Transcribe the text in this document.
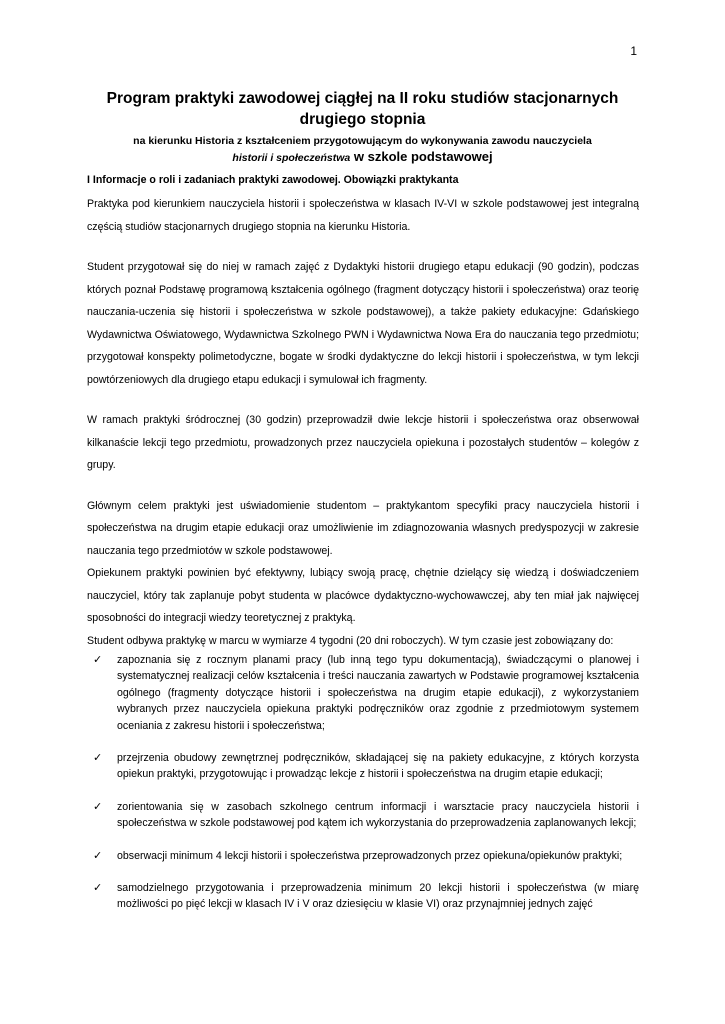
1
Program praktyki zawodowej ciągłej na II roku studiów stacjonarnych drugiego stopnia
na kierunku Historia z kształceniem przygotowującym do wykonywania zawodu nauczyciela
historii i społeczeństwa w szkole podstawowej
I Informacje o roli i zadaniach praktyki zawodowej. Obowiązki praktykanta

Praktyka pod kierunkiem nauczyciela historii i społeczeństwa w klasach IV-VI w szkole podstawowej jest integralną częścią studiów stacjonarnych drugiego stopnia na kierunku Historia.

Student przygotował się do niej w ramach zajęć z Dydaktyki historii drugiego etapu edukacji (90 godzin), podczas których poznał Podstawę programową kształcenia ogólnego (fragment dotyczący historii i społeczeństwa) oraz teorię nauczania-uczenia się historii i społeczeństwa w szkole podstawowej), a także pakiety edukacyjne: Gdańskiego Wydawnictwa Oświatowego, Wydawnictwa Szkolnego PWN i Wydawnictwa Nowa Era do nauczania tego przedmiotu; przygotował konspekty polimetodyczne, bogate w środki dydaktyczne do lekcji historii i społeczeństwa, w tym lekcji powtórzeniowych dla drugiego etapu edukacji i symulował ich fragmenty.

W ramach praktyki śródrocznej (30 godzin) przeprowadził dwie lekcje historii i społeczeństwa oraz obserwował kilkanaście lekcji tego przedmiotu, prowadzonych przez nauczyciela opiekuna i pozostałych studentów – kolegów z grupy.

Głównym celem praktyki jest uświadomienie studentom – praktykantom specyfiki pracy nauczyciela historii i społeczeństwa na drugim etapie edukacji oraz umożliwienie im zdiagnozowania własnych predyspozycji w zakresie nauczania tego przedmiotów w szkole podstawowej.

Opiekunem praktyki powinien być efektywny, lubiący swoją pracę, chętnie dzielący się wiedzą i doświadczeniem nauczyciel, który tak zaplanuje pobyt studenta w placówce dydaktyczno-wychowawczej, aby ten miał jak najwięcej sposobności do integracji wiedzy teoretycznej z praktyką.

Student odbywa praktykę w marcu w wymiarze 4 tygodni (20 dni roboczych). W tym czasie jest zobowiązany do:

✓ zapoznania się z rocznym planami pracy (lub inną tego typu dokumentacją), świadczącymi o planowej i systematycznej realizacji celów kształcenia i treści nauczania zawartych w Podstawie programowej kształcenia ogólnego (fragmenty dotyczące historii i społeczeństwa na drugim etapie edukacji), z wykorzystaniem wybranych przez nauczyciela opiekuna praktyki podręczników oraz zgodnie z przedmiotowym systemem oceniania z zakresu historii i społeczeństwa;
✓ przejrzenia obudowy zewnętrznej podręczników, składającej się na pakiety edukacyjne, z których korzysta opiekun praktyki, przygotowując i prowadząc lekcje z historii i społeczeństwa na drugim etapie edukacji;
✓ zorientowania się w zasobach szkolnego centrum informacji i warsztacie pracy nauczyciela historii i społeczeństwa w szkole podstawowej pod kątem ich wykorzystania do przeprowadzenia zaplanowanych lekcji;
✓ obserwacji minimum 4 lekcji historii i społeczeństwa przeprowadzonych przez opiekuna/opiekunów praktyki;
✓ samodzielnego przygotowania i przeprowadzenia minimum 20 lekcji historii i społeczeństwa (w miarę możliwości po pięć lekcji w klasach IV i V oraz dziesięciu w klasie VI) oraz przynajmniej jednych zajęć
